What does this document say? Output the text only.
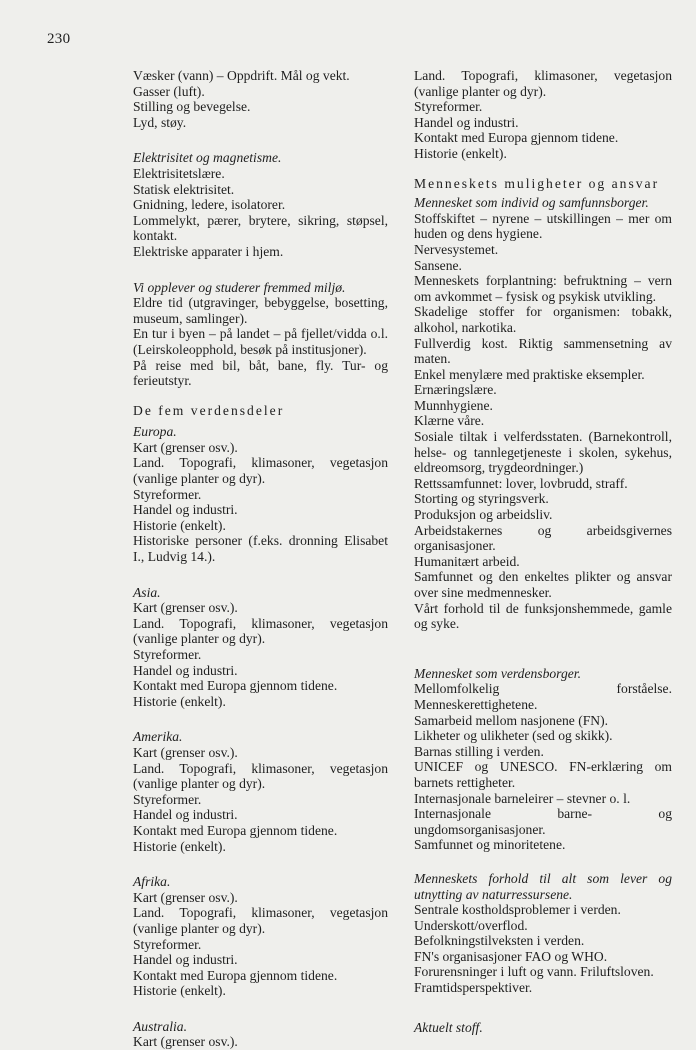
230
Væsker (vann) – Oppdrift. Mål og vekt.
Gasser (luft).
Stilling og bevegelse.
Lyd, støy.
Elektrisitet og magnetisme.
Elektrisitetslære.
Statisk elektrisitet.
Gnidning, ledere, isolatorer.
Lommelykt, pærer, brytere, sikring, støpsel, kontakt.
Elektriske apparater i hjem.
Vi opplever og studerer fremmed miljø.
Eldre tid (utgravinger, bebyggelse, bosetting, museum, samlinger).
En tur i byen – på landet – på fjellet/vidda o.l. (Leirskoleopphold, besøk på institusjoner).
På reise med bil, båt, bane, fly. Tur- og ferieutstyr.
De fem verdensdeler
Europa.
Kart (grenser osv.).
Land. Topografi, klimasoner, vegetasjon (vanlige planter og dyr).
Styreformer.
Handel og industri.
Historie (enkelt).
Historiske personer (f.eks. dronning Elisabet I., Ludvig 14.).
Asia.
Kart (grenser osv.).
Land. Topografi, klimasoner, vegetasjon (vanlige planter og dyr).
Styreformer.
Handel og industri.
Kontakt med Europa gjennom tidene.
Historie (enkelt).
Amerika.
Kart (grenser osv.).
Land. Topografi, klimasoner, vegetasjon (vanlige planter og dyr).
Styreformer.
Handel og industri.
Kontakt med Europa gjennom tidene.
Historie (enkelt).
Afrika.
Kart (grenser osv.).
Land. Topografi, klimasoner, vegetasjon (vanlige planter og dyr).
Styreformer.
Handel og industri.
Kontakt med Europa gjennom tidene.
Historie (enkelt).
Australia.
Kart (grenser osv.).
Land. Topografi, klimasoner, vegetasjon (vanlige planter og dyr).
Styreformer.
Handel og industri.
Kontakt med Europa gjennom tidene.
Historie (enkelt).
Menneskets muligheter og ansvar
Mennesket som individ og samfunnsborger.
Stoffskiftet – nyrene – utskillingen – mer om huden og dens hygiene.
Nervesystemet.
Sansene.
Menneskets forplantning: befruktning – vern om avkommet – fysisk og psykisk utvikling.
Skadelige stoffer for organismen: tobakk, alkohol, narkotika.
Fullverdig kost. Riktig sammensetning av maten.
Enkel menylære med praktiske eksempler.
Ernæringslære.
Munnhygiene.
Klærne våre.
Sosiale tiltak i velferdsstaten. (Barnekontroll, helse- og tannlegetjeneste i skolen, sykehus, eldreomsorg, trygdeordninger.)
Rettssamfunnet: lover, lovbrudd, straff.
Storting og styringsverk.
Produksjon og arbeidsliv.
Arbeidstakernes og arbeidsgivernes organisasjoner.
Humanitært arbeid.
Samfunnet og den enkeltes plikter og ansvar over sine medmennesker.
Vårt forhold til de funksjonshemmede, gamle og syke.
Mennesket som verdensborger.
Mellomfolkelig forståelse. Menneskerettighetene.
Samarbeid mellom nasjonene (FN).
Likheter og ulikheter (sed og skikk).
Barnas stilling i verden.
UNICEF og UNESCO. FN-erklæring om barnets rettigheter.
Internasjonale barneleirer – stevner o. l.
Internasjonale barne- og ungdomsorganisasjoner.
Samfunnet og minoritetene.
Menneskets forhold til alt som lever og utnytting av naturressursene.
Sentrale kostholdsproblemer i verden.
Underskott/overflod.
Befolkningstilveksten i verden.
FN's organisasjoner FAO og WHO.
Forurensninger i luft og vann. Friluftsloven.
Framtidsperspektiver.
Aktuelt stoff.
